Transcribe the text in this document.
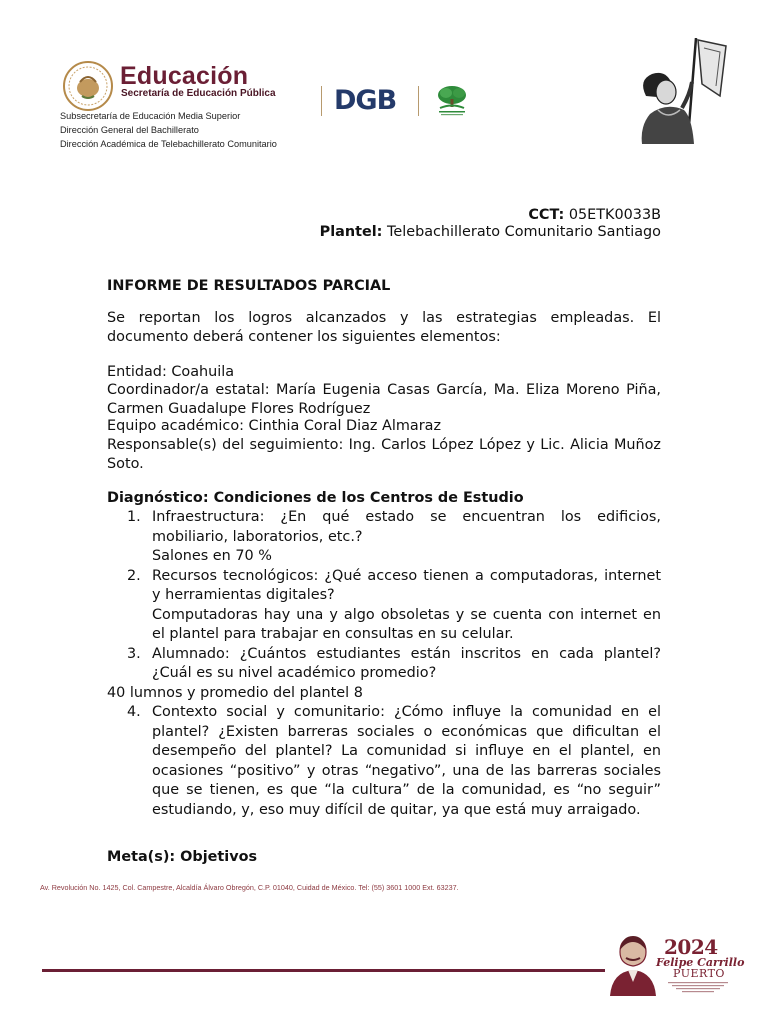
Educación
Secretaría de Educación Pública
Subsecretaría de Educación Media Superior
Dirección General del Bachillerato
Dirección Académica de Telebachillerato Comunitario
DGB
CCT: 05ETK0033B
Plantel: Telebachillerato Comunitario Santiago
INFORME DE RESULTADOS PARCIAL
Se reportan los logros alcanzados y las estrategias empleadas. El documento deberá contener los siguientes elementos:
Entidad: Coahuila
Coordinador/a estatal: María Eugenia Casas García, Ma. Eliza Moreno Piña, Carmen Guadalupe Flores Rodríguez
Equipo académico: Cinthia Coral Diaz Almaraz
Responsable(s) del seguimiento: Ing. Carlos López López y Lic. Alicia Muñoz Soto.
Diagnóstico: Condiciones de los Centros de Estudio
1. Infraestructura: ¿En qué estado se encuentran los edificios, mobiliario, laboratorios, etc.?
Salones en 70 %
2. Recursos tecnológicos: ¿Qué acceso tienen a computadoras, internet y herramientas digitales?
Computadoras hay una y algo obsoletas y se cuenta con internet en el plantel para trabajar en consultas en su celular.
3. Alumnado: ¿Cuántos estudiantes están inscritos en cada plantel? ¿Cuál es su nivel académico promedio?
40 lumnos y promedio del plantel 8
4. Contexto social y comunitario: ¿Cómo influye la comunidad en el plantel? ¿Existen barreras sociales o económicas que dificultan el desempeño del plantel? La comunidad si influye en el plantel, en ocasiones “positivo” y otras “negativo”, una de las barreras sociales que se tienen, es que “la cultura” de la comunidad, es “no seguir” estudiando, y, eso muy difícil de quitar, ya que está muy arraigado.
Meta(s): Objetivos
Av. Revolución No. 1425, Col. Campestre, Alcaldía Álvaro Obregón, C.P. 01040, Cuidad de México. Tel: (55) 3601 1000 Ext. 63237.
2024
Felipe Carrillo
PUERTO
